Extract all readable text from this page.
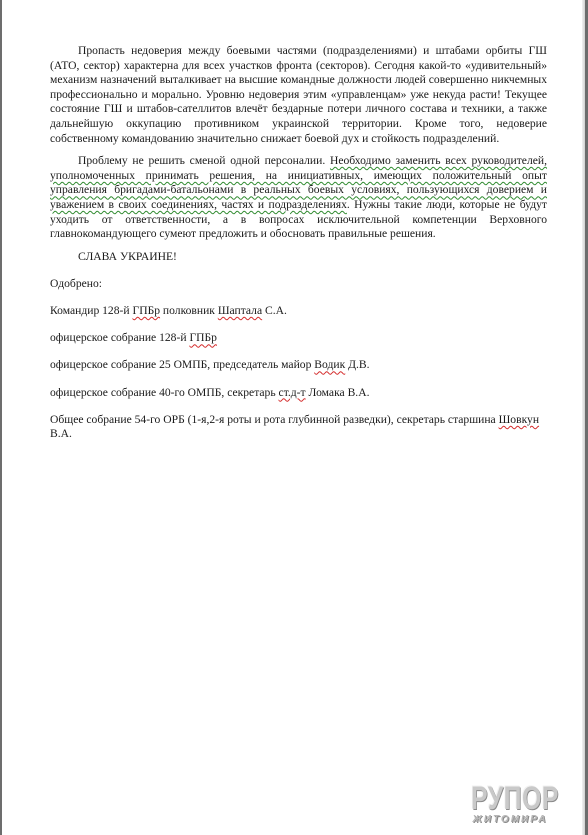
Пропасть недоверия между боевыми частями (подразделениями) и штабами орбиты ГШ (АТО, сектор) характерна для всех участков фронта (секторов). Сегодня какой-то «удивительный» механизм назначений выталкивает на высшие командные должности людей совершенно никчемных профессионально и морально. Уровню недоверия этим «управленцам» уже некуда расти! Текущее состояние ГШ и штабов-сателлитов влечёт бездарные потери личного состава и техники, а также дальнейшую оккупацию противником украинской территории. Кроме того, недоверие собственному командованию значительно снижает боевой дух и стойкость подразделений.

Проблему не решить сменой одной персоналии. Необходимо заменить всех руководителей, уполномоченных принимать решения, на инициативных, имеющих положительный опыт управления бригадами-батальонами в реальных боевых условиях, пользующихся доверием и уважением в своих соединениях, частях и подразделениях. Нужны такие люди, которые не будут уходить от ответственности, а в вопросах исключительной компетенции Верховного главнокомандующего сумеют предложить и обосновать правильные решения.

СЛАВА УКРАИНЕ!

Одобрено:

Командир 128-й ГПБр полковник Шаптала С.А.

офицерское собрание 128-й ГПБр

офицерское собрание 25 ОМПБ, председатель майор Водик Д.В.

офицерское собрание 40-го ОМПБ, секретарь ст.д-т Ломака В.А.

Общее собрание 54-го ОРБ (1-я,2-я роты и рота глубинной разведки), секретарь старшина Шовкун В.А.

РУПОР
ЖИТОМИРА
